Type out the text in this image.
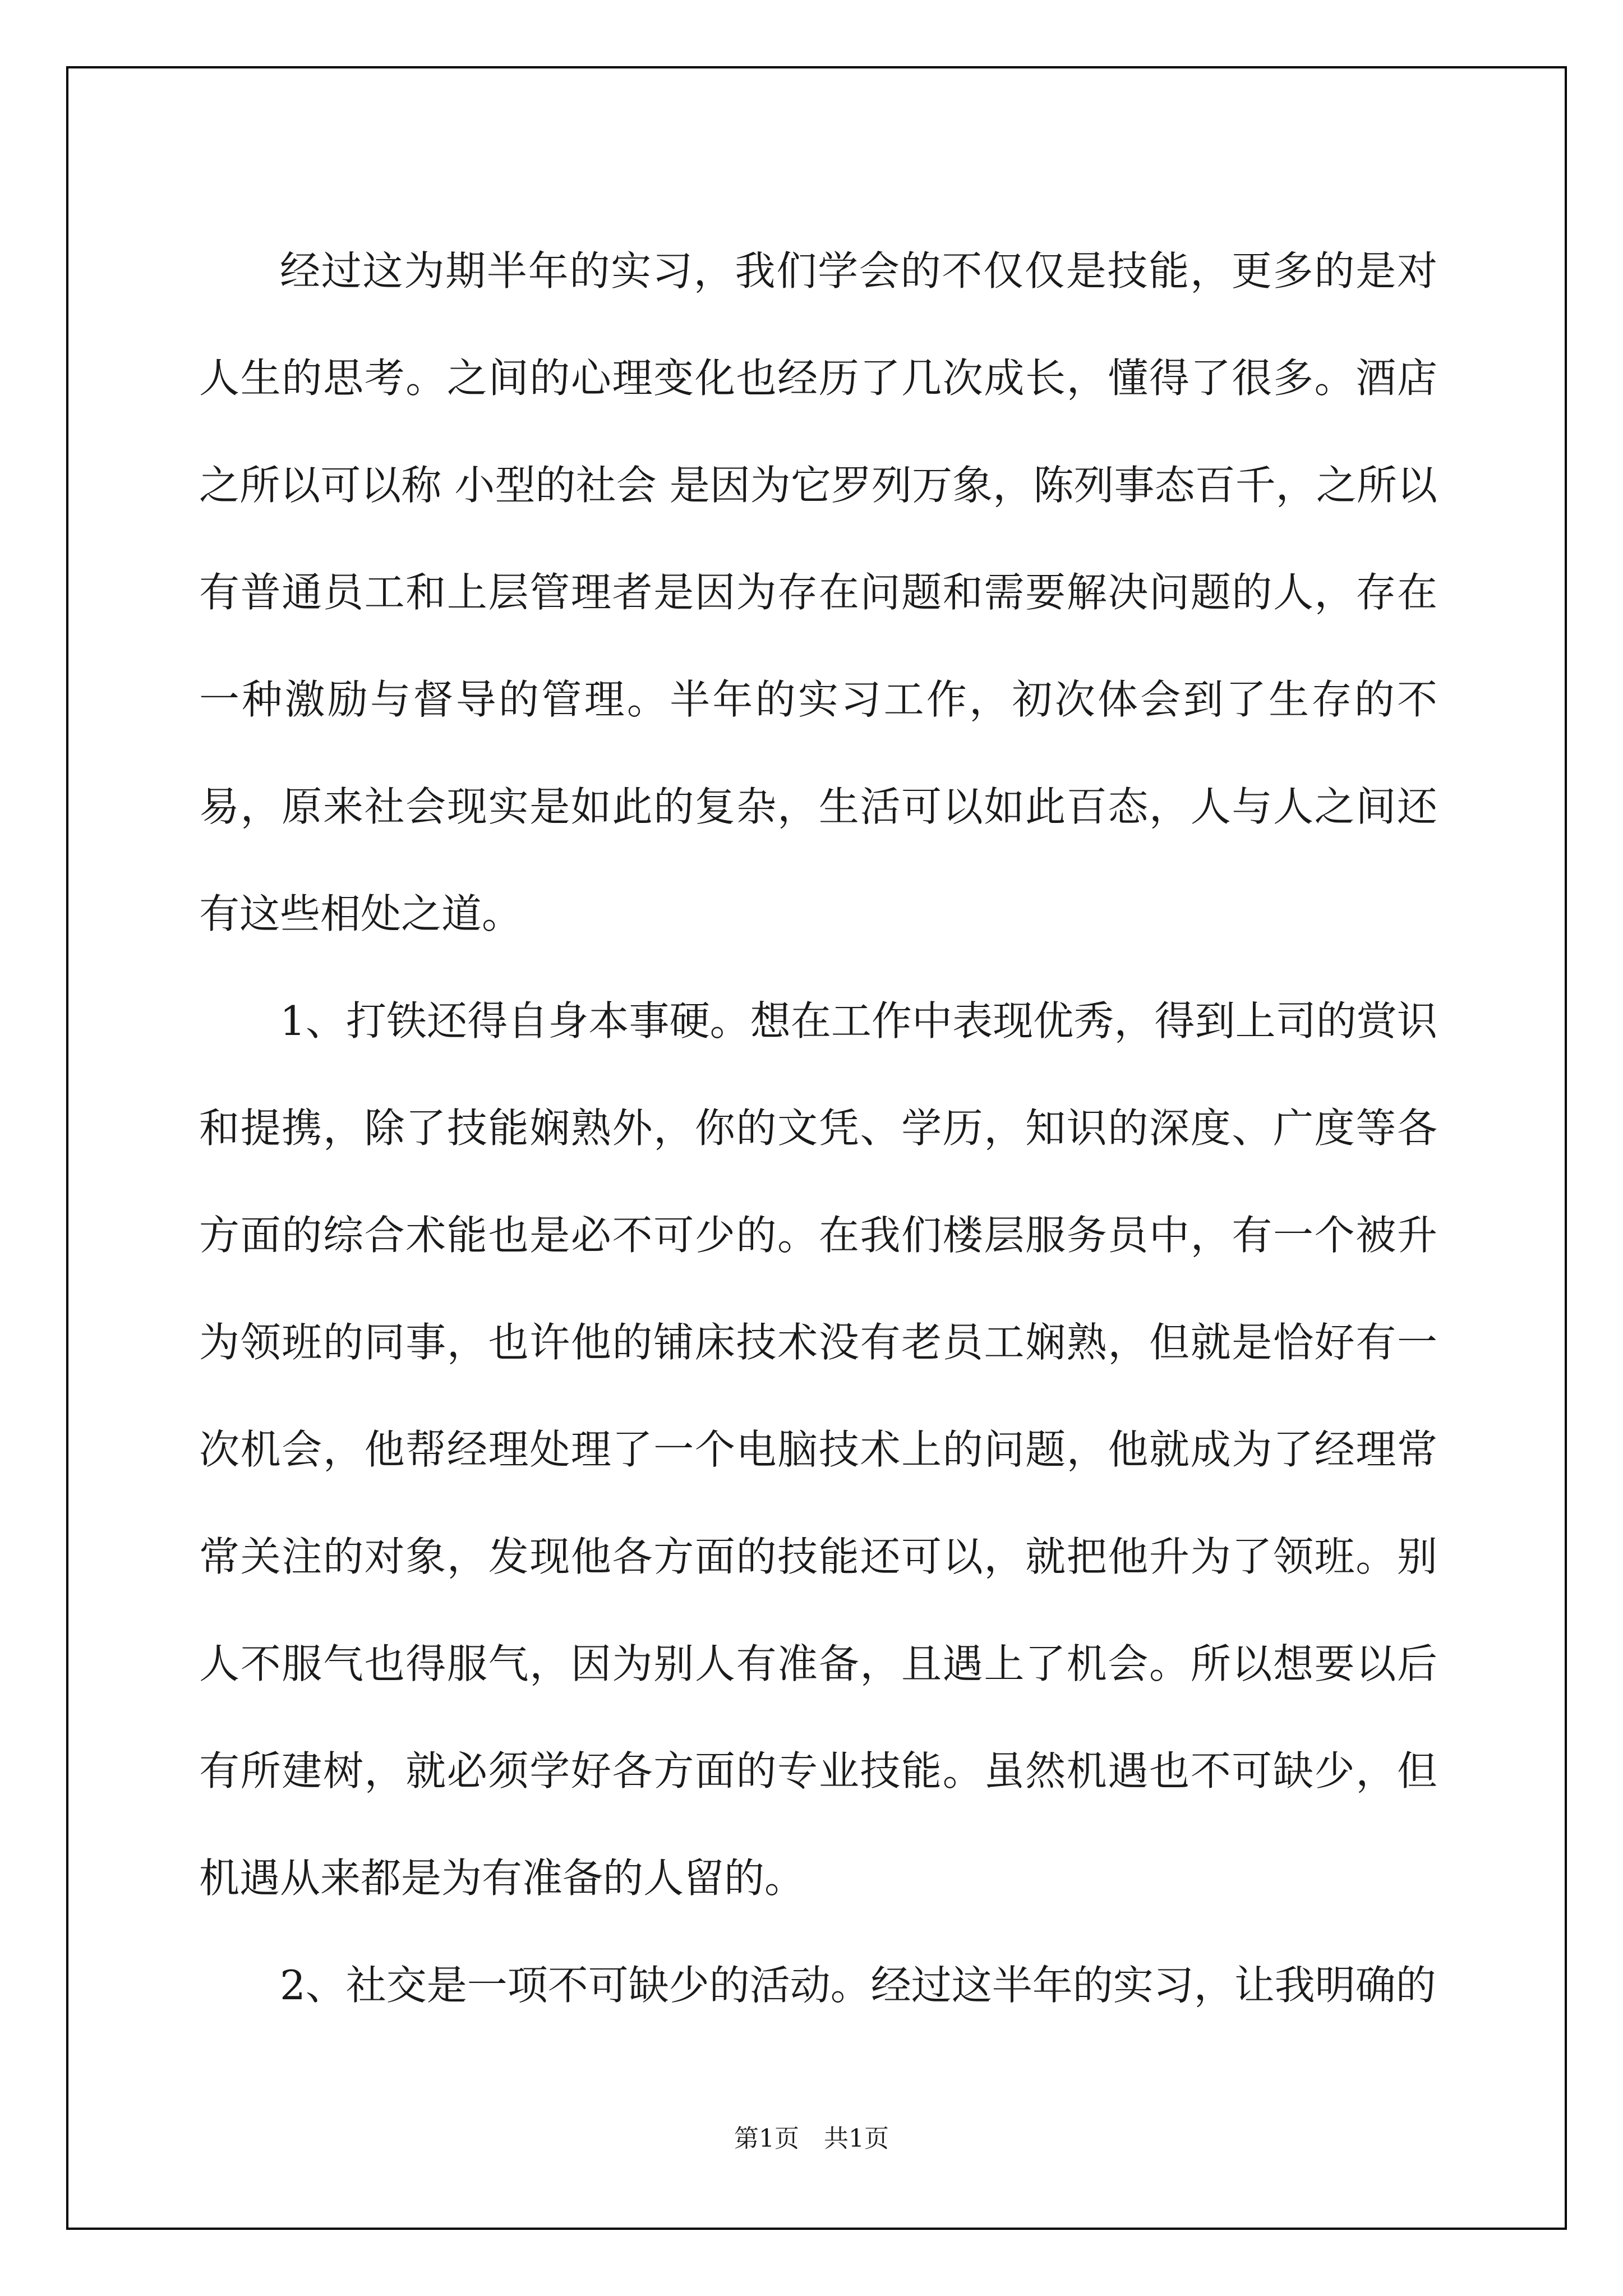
经过这为期半年的实习，我们学会的不仅仅是技能，更多的是对人生的思考。之间的心理变化也经历了几次成长，懂得了很多。酒店之所以可以称 小型的社会 是因为它罗列万象，陈列事态百千，之所以有普通员工和上层管理者是因为存在问题和需要解决问题的人，存在一种激励与督导的管理。半年的实习工作，初次体会到了生存的不易，原来社会现实是如此的复杂，生活可以如此百态，人与人之间还有这些相处之道。

1、打铁还得自身本事硬。想在工作中表现优秀，得到上司的赏识和提携，除了技能娴熟外，你的文凭、学历，知识的深度、广度等各方面的综合术能也是必不可少的。在我们楼层服务员中，有一个被升为领班的同事，也许他的铺床技术没有老员工娴熟，但就是恰好有一次机会，他帮经理处理了一个电脑技术上的问题，他就成为了经理常常关注的对象，发现他各方面的技能还可以，就把他升为了领班。别人不服气也得服气，因为别人有准备，且遇上了机会。所以想要以后有所建树，就必须学好各方面的专业技能。虽然机遇也不可缺少，但机遇从来都是为有准备的人留的。

2、社交是一项不可缺少的活动。经过这半年的实习，让我明确的

第1页　共1页
